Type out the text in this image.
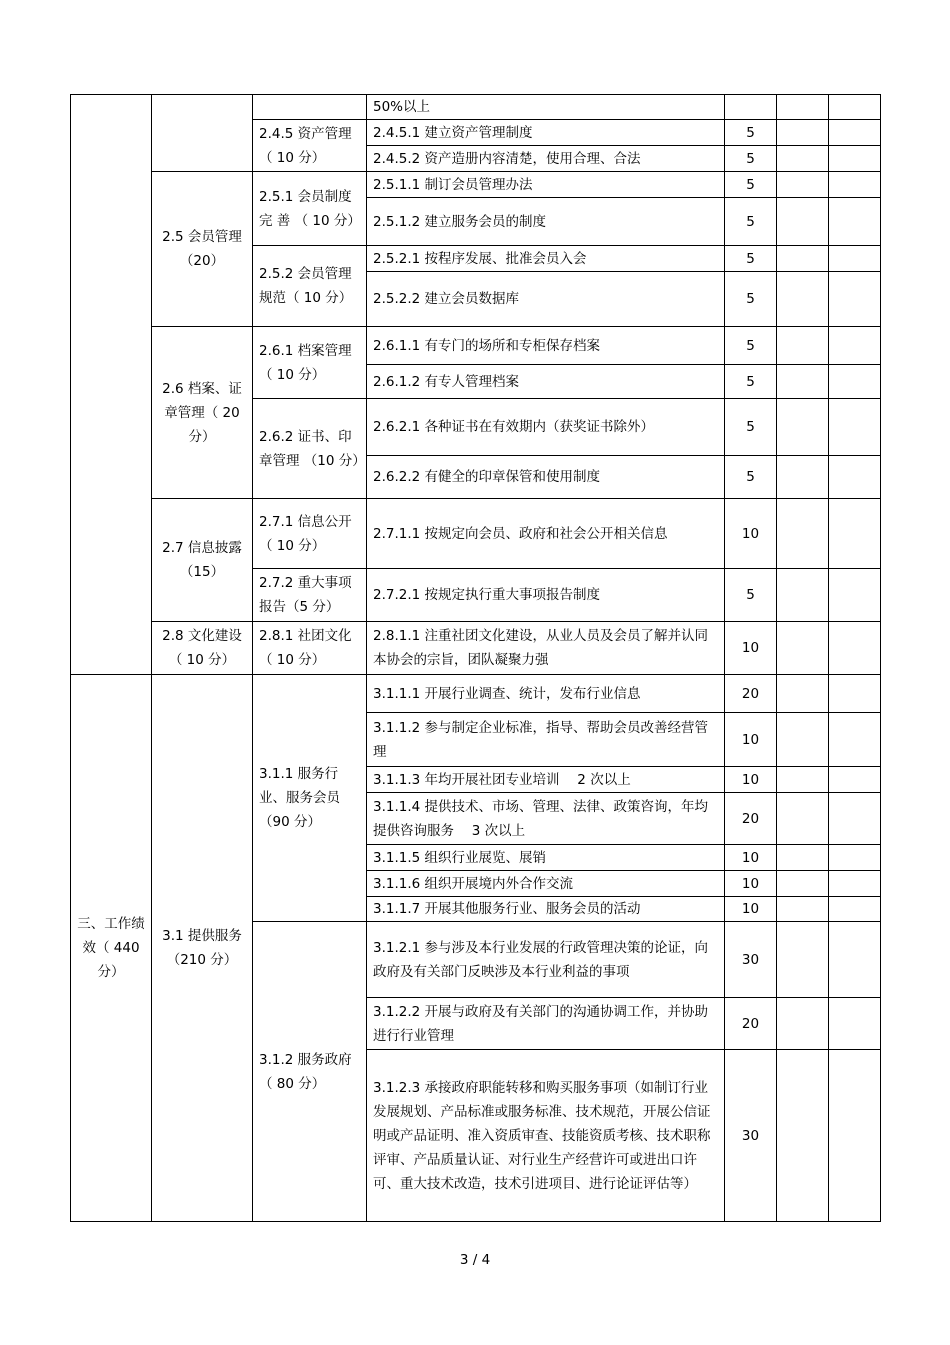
			50%以上			
		2.4.5 资产管理（ 10 分）	2.4.5.1 建立资产管理制度	5		
			2.4.5.2 资产造册内容清楚，使用合理、合法	5		
	2.5 会员管理（20）	2.5.1 会员制度 完 善 （ 10 分）	2.5.1.1 制订会员管理办法	5		
			2.5.1.2 建立服务会员的制度	5		
		2.5.2 会员管理规范（ 10 分）	2.5.2.1 按程序发展、批准会员入会	5		
			2.5.2.2 建立会员数据库	5		
	2.6 档案、证章管理（ 20 分）	2.6.1 档案管理（ 10 分）	2.6.1.1 有专门的场所和专柜保存档案	5		
			2.6.1.2 有专人管理档案	5		
		2.6.2 证书、印章管理 （10 分）	2.6.2.1 各种证书在有效期内（获奖证书除外）	5		
			2.6.2.2 有健全的印章保管和使用制度	5		
	2.7 信息披露（15）	2.7.1 信息公开（ 10 分）	2.7.1.1 按规定向会员、政府和社会公开相关信息	10		
		2.7.2 重大事项报告（5 分）	2.7.2.1 按规定执行重大事项报告制度	5		
	2.8 文化建设（ 10 分）	2.8.1 社团文化（ 10 分）	2.8.1.1 注重社团文化建设，从业人员及会员了解并认同本协会的宗旨，团队凝聚力强	10		
三、工作绩效（ 440 分）	3.1 提供服务（210 分）	3.1.1 服务行业、服务会员（90 分）	3.1.1.1 开展行业调查、统计，发布行业信息	20		
			3.1.1.2 参与制定企业标准，指导、帮助会员改善经营管理	10		
			3.1.1.3 年均开展社团专业培训　 2 次以上	10		
			3.1.1.4 提供技术、市场、管理、法律、政策咨询，年均提供咨询服务　 3 次以上	20		
			3.1.1.5 组织行业展览、展销	10		
			3.1.1.6 组织开展境内外合作交流	10		
			3.1.1.7 开展其他服务行业、服务会员的活动	10		
		3.1.2 服务政府（ 80 分）	3.1.2.1 参与涉及本行业发展的行政管理决策的论证，向政府及有关部门反映涉及本行业利益的事项	30		
			3.1.2.2 开展与政府及有关部门的沟通协调工作，并协助进行行业管理	20		
			3.1.2.3 承接政府职能转移和购买服务事项（如制订行业发展规划、产品标准或服务标准、技术规范，开展公信证明或产品证明、准入资质审查、技能资质考核、技术职称评审、产品质量认证、对行业生产经营许可或进出口许可、重大技术改造，技术引进项目、进行论证评估等）	30		
3 / 4
